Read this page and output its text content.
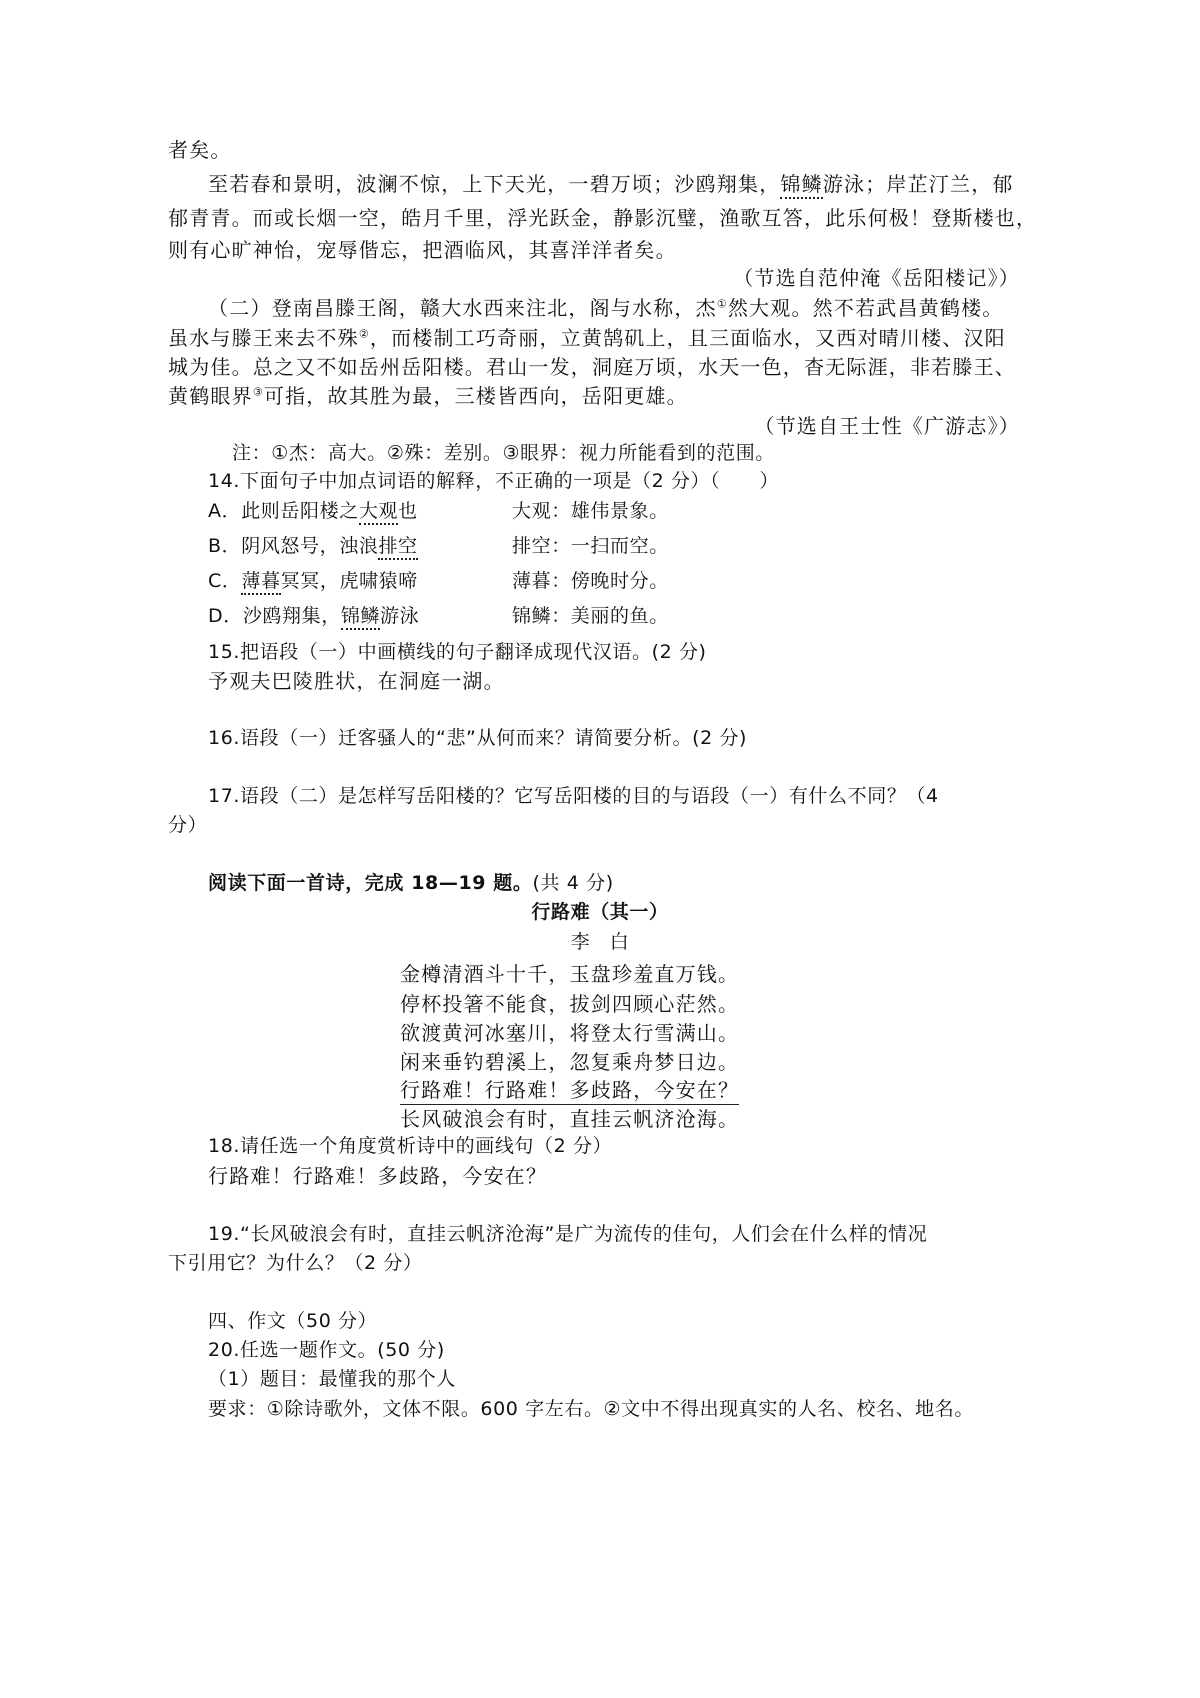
者矣。
至若春和景明，波澜不惊，上下天光，一碧万顷；沙鸥翔集，锦鳞游泳；岸芷汀兰，郁
郁青青。而或长烟一空，皓月千里，浮光跃金，静影沉璧，渔歌互答，此乐何极！登斯楼也，
则有心旷神怡，宠辱偕忘，把酒临风，其喜洋洋者矣。
（节选自范仲淹《岳阳楼记》）
（二）登南昌滕王阁，赣大水西来注北，阁与水称，杰①然大观。然不若武昌黄鹤楼。
虽水与滕王来去不殊②，而楼制工巧奇丽，立黄鹄矶上，且三面临水，又西对晴川楼、汉阳
城为佳。总之又不如岳州岳阳楼。君山一发，洞庭万顷，水天一色，杳无际涯，非若滕王、
黄鹤眼界③可指，故其胜为最，三楼皆西向，岳阳更雄。
（节选自王士性《广游志》）
注：①杰：高大。②殊：差别。③眼界：视力所能看到的范围。
14.下面句子中加点词语的解释，不正确的一项是（2 分）（　　）
A．此则岳阳楼之大观也	大观：雄伟景象。
B．阴风怒号，浊浪排空	排空：一扫而空。
C．薄暮冥冥，虎啸猿啼	薄暮：傍晚时分。
D．沙鸥翔集，锦鳞游泳	锦鳞：美丽的鱼。
15.把语段（一）中画横线的句子翻译成现代汉语。(2 分)
予观夫巴陵胜状，在洞庭一湖。
16.语段（一）迁客骚人的“悲”从何而来？请简要分析。(2 分)
17.语段（二）是怎样写岳阳楼的？它写岳阳楼的目的与语段（一）有什么不同？（4
分）
阅读下面一首诗，完成 18—19 题。(共 4 分)
行路难（其一）
李　白
金樽清酒斗十千，玉盘珍羞直万钱。
停杯投箸不能食，拔剑四顾心茫然。
欲渡黄河冰塞川，将登太行雪满山。
闲来垂钓碧溪上，忽复乘舟梦日边。
行路难！行路难！多歧路，今安在？
长风破浪会有时，直挂云帆济沧海。
18.请任选一个角度赏析诗中的画线句（2 分）
行路难！行路难！多歧路，今安在？
19.“长风破浪会有时，直挂云帆济沧海”是广为流传的佳句，人们会在什么样的情况
下引用它？为什么？（2 分）
四、作文（50 分）
20.任选一题作文。(50 分)
（1）题目：最懂我的那个人
要求：①除诗歌外，文体不限。600 字左右。②文中不得出现真实的人名、校名、地名。
